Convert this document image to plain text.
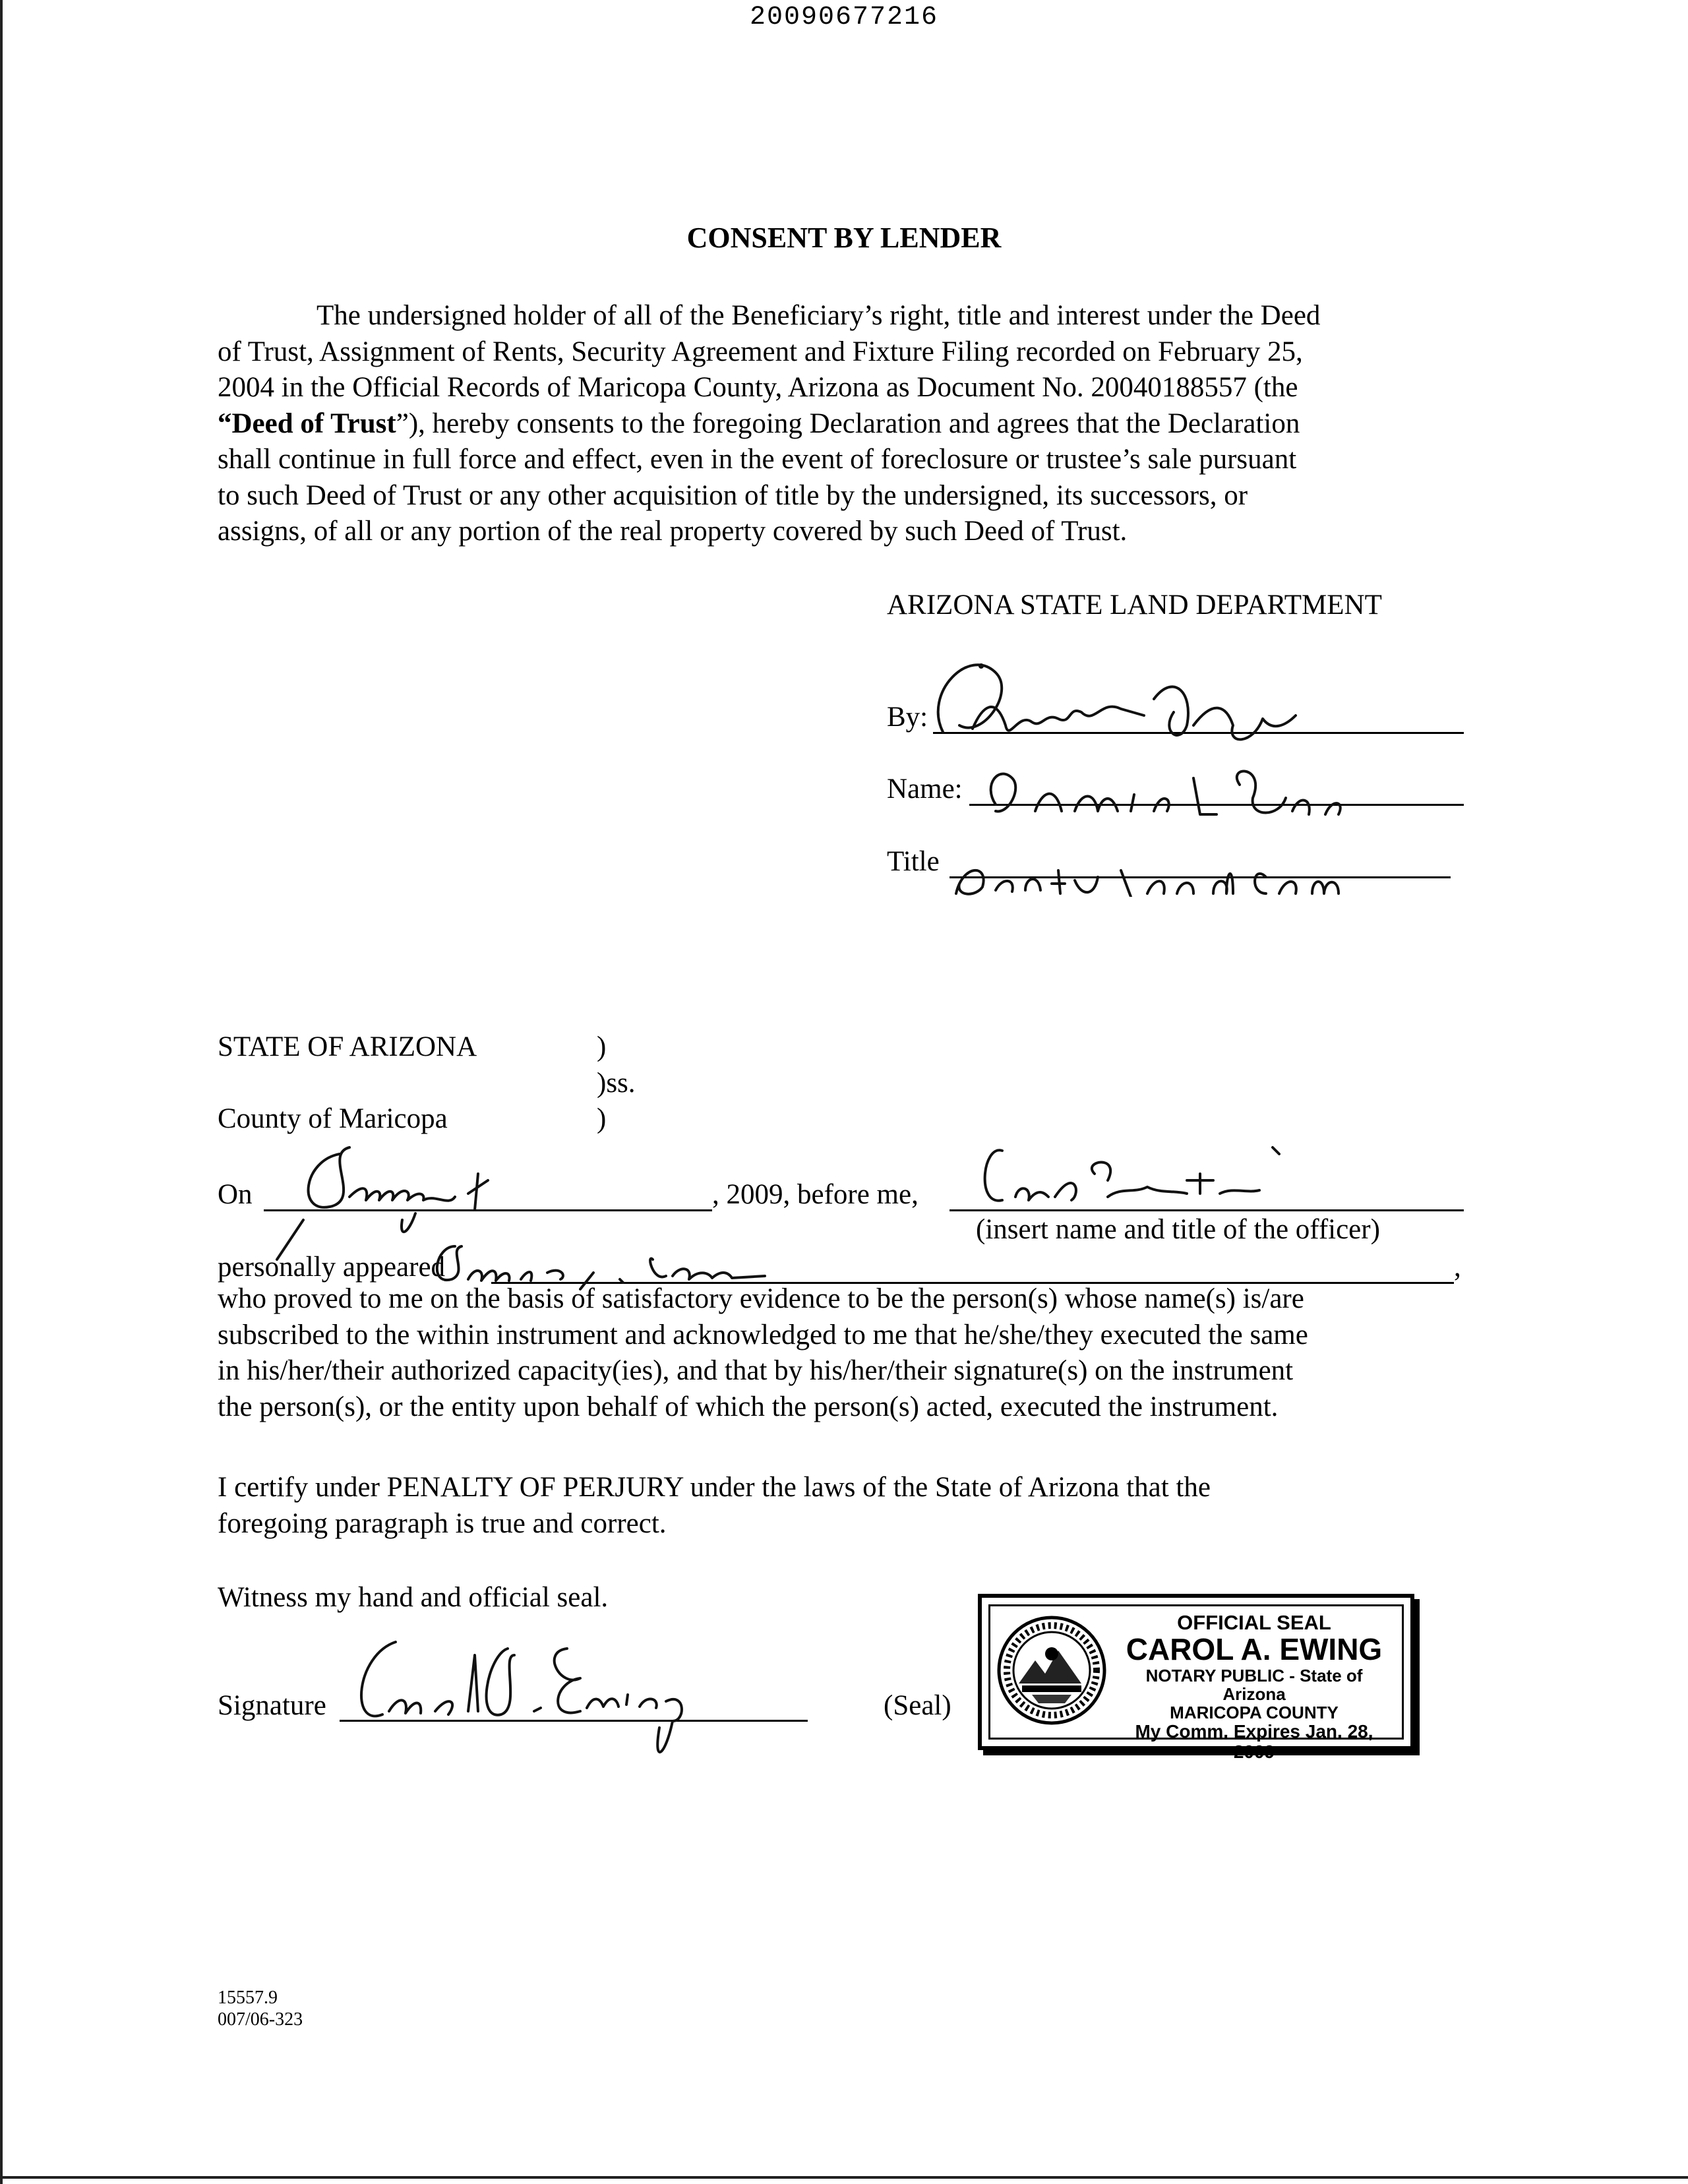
20090677216
CONSENT BY LENDER

The undersigned holder of all of the Beneficiary’s right, title and interest under the Deed

of Trust, Assignment of Rents, Security Agreement and Fixture Filing recorded on February 25,

2004 in the Official Records of Maricopa County, Arizona as Document No. 20040188557 (the

“Deed of Trust”), hereby consents to the foregoing Declaration and agrees that the Declaration

shall continue in full force and effect, even in the event of foreclosure or trustee’s sale pursuant

to such Deed of Trust or any other acquisition of title by the undersigned, its successors, or

assigns, of all or any portion of the real property covered by such Deed of Trust.

ARIZONA STATE LAND DEPARTMENT
By:
Name:
Title
STATE OF ARIZONA	)
)ss.
County of Maricopa	)
On	, 2009, before me,
(insert name and title of the officer)
personally appeared	,

who proved to me on the basis of satisfactory evidence to be the person(s) whose name(s) is/are

subscribed to the within instrument and acknowledged to me that he/she/they executed the same

in his/her/their authorized capacity(ies), and that by his/her/their signature(s) on the instrument

the person(s), or the entity upon behalf of which the person(s) acted, executed the instrument.

I certify under PENALTY OF PERJURY under the laws of the State of Arizona that the

foregoing paragraph is true and correct.

Witness my hand and official seal.
Signature	(Seal)
OFFICIAL SEAL
CAROL A. EWING
NOTARY PUBLIC - State of Arizona
MARICOPA COUNTY
My Comm. Expires Jan. 28, 2009
15557.9
007/06-323
